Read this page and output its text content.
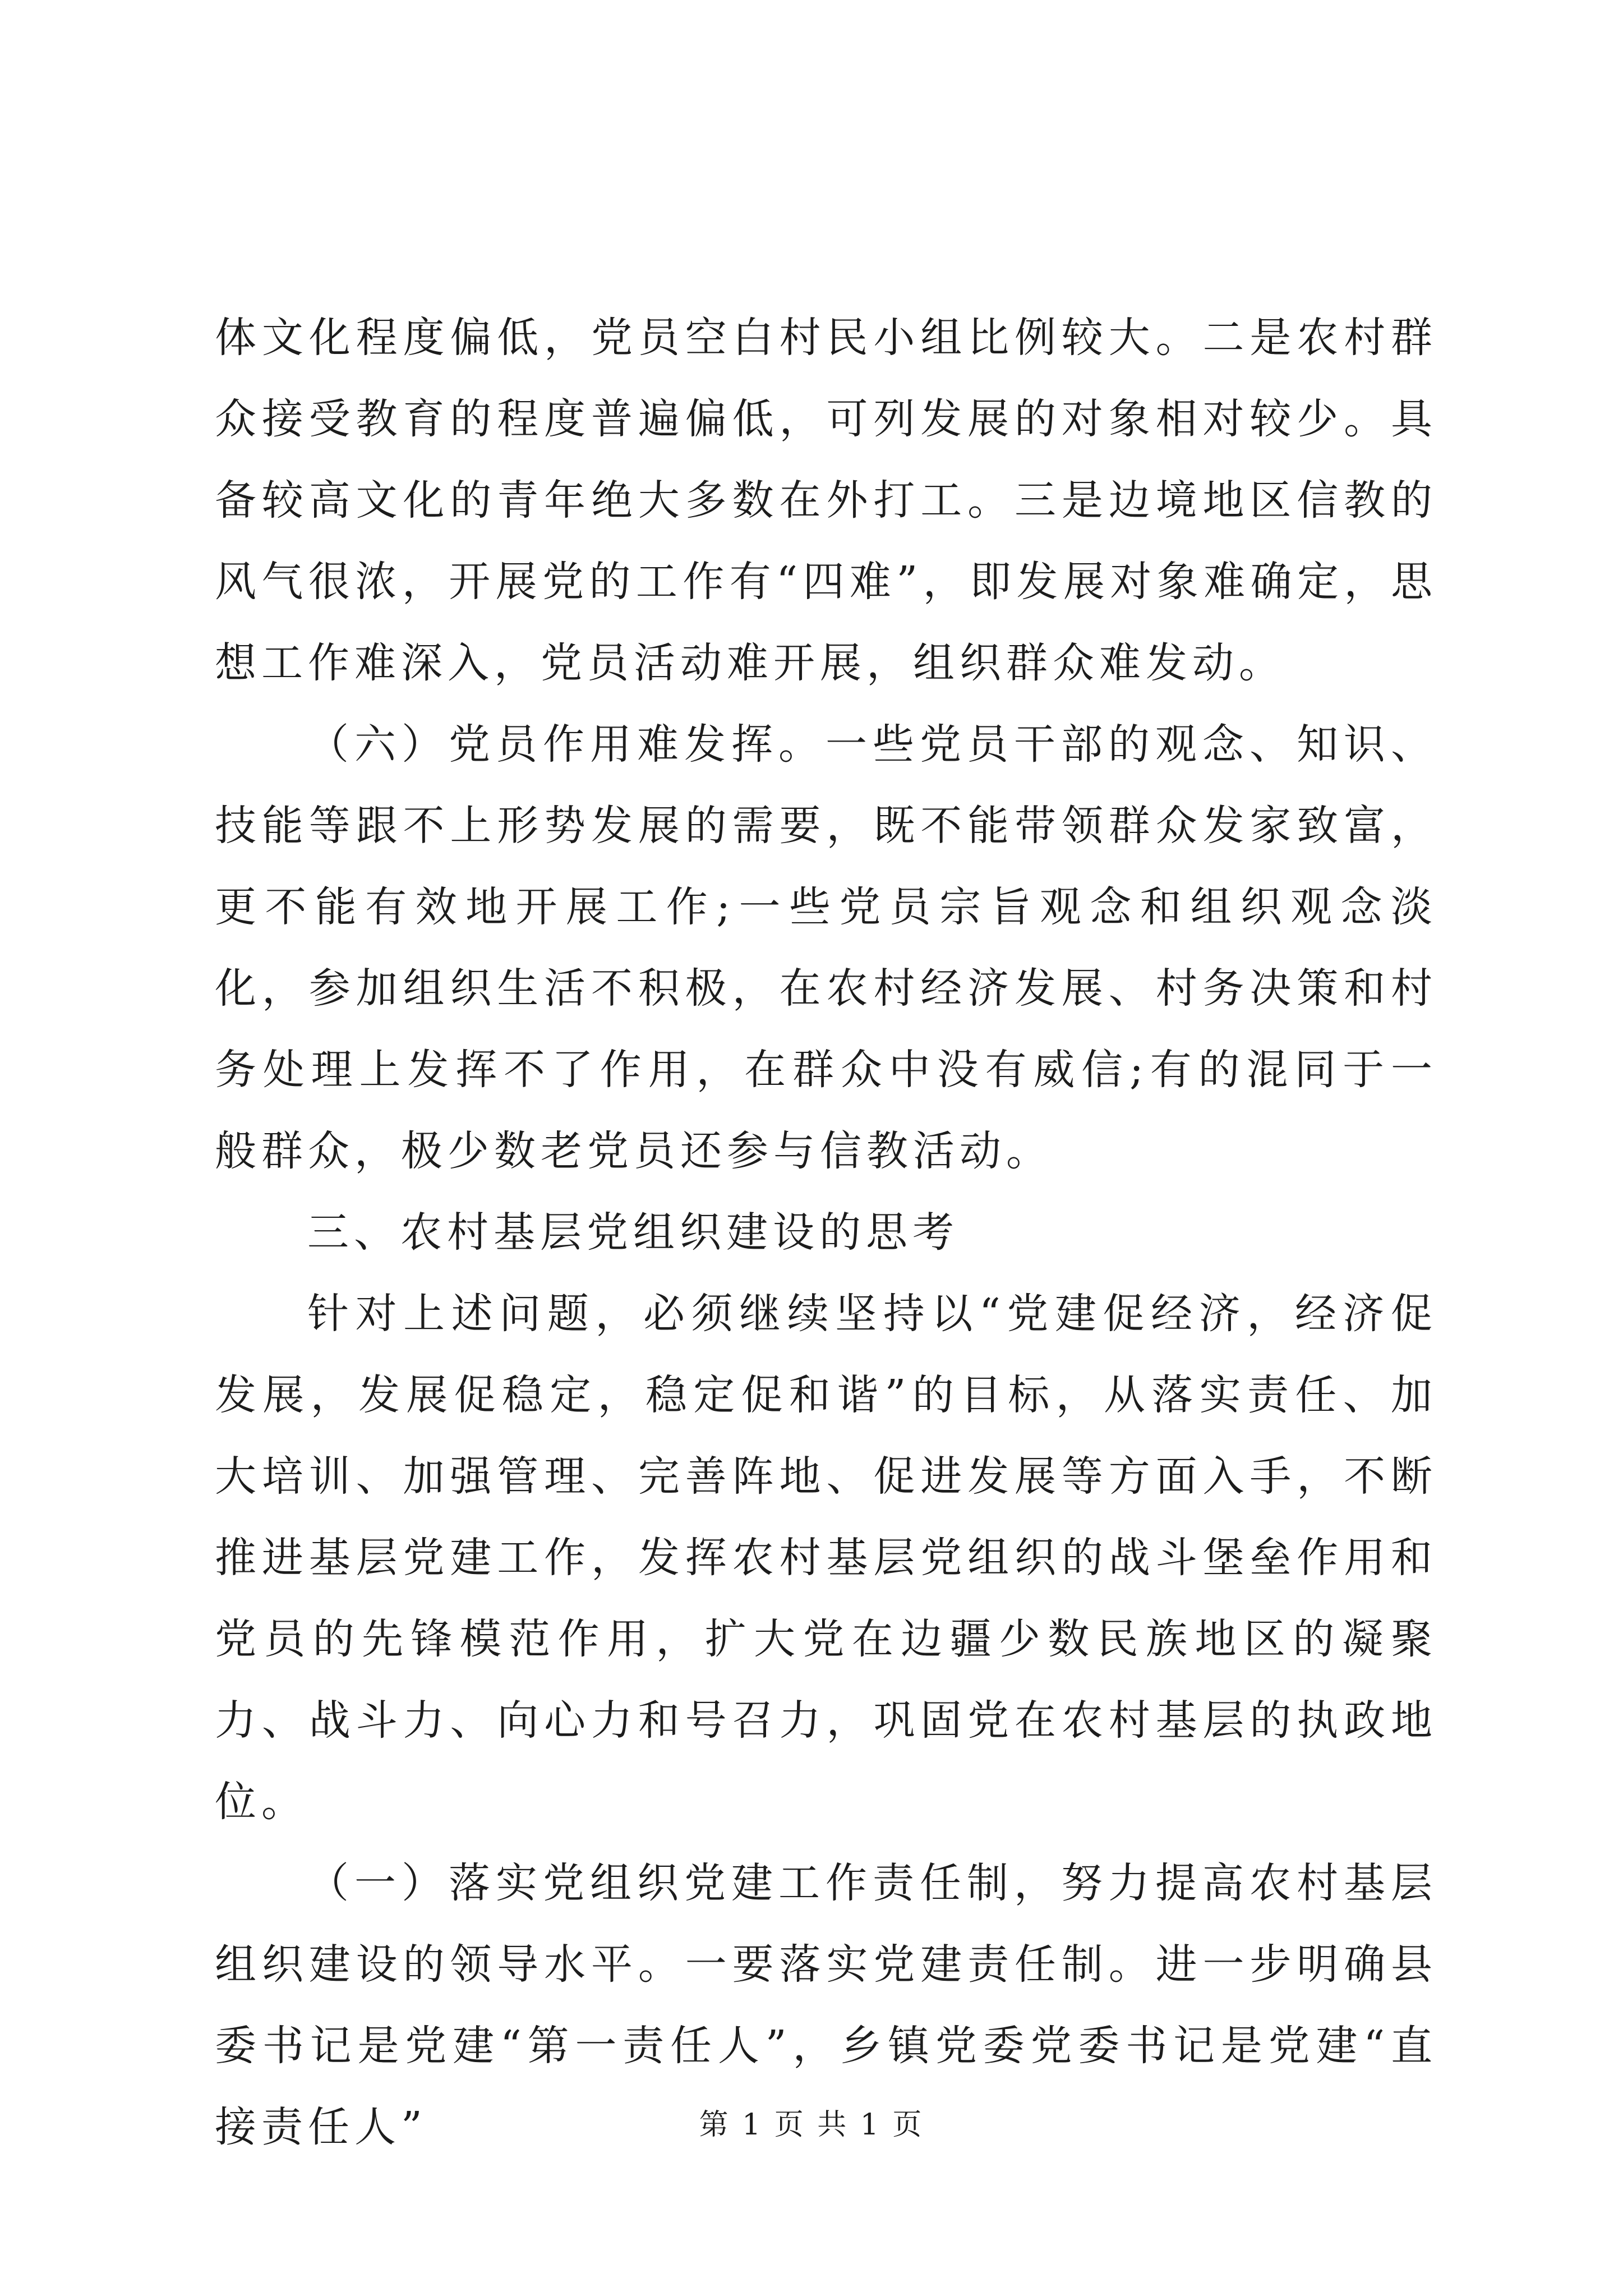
体文化程度偏低，党员空白村民小组比例较大。二是农村群众接受教育的程度普遍偏低，可列发展的对象相对较少。具备较高文化的青年绝大多数在外打工。三是边境地区信教的风气很浓，开展党的工作有“四难”，即发展对象难确定，思想工作难深入，党员活动难开展，组织群众难发动。

（六）党员作用难发挥。一些党员干部的观念、知识、技能等跟不上形势发展的需要，既不能带领群众发家致富，更不能有效地开展工作;一些党员宗旨观念和组织观念淡化，参加组织生活不积极，在农村经济发展、村务决策和村务处理上发挥不了作用，在群众中没有威信;有的混同于一般群众，极少数老党员还参与信教活动。

三、农村基层党组织建设的思考

针对上述问题，必须继续坚持以“党建促经济，经济促发展，发展促稳定，稳定促和谐”的目标，从落实责任、加大培训、加强管理、完善阵地、促进发展等方面入手，不断推进基层党建工作，发挥农村基层党组织的战斗堡垒作用和党员的先锋模范作用，扩大党在边疆少数民族地区的凝聚力、战斗力、向心力和号召力，巩固党在农村基层的执政地位。

（一）落实党组织党建工作责任制，努力提高农村基层组织建设的领导水平。一要落实党建责任制。进一步明确县委书记是党建“第一责任人”，乡镇党委党委书记是党建“直接责任人”	第 1 页 共 1 页
